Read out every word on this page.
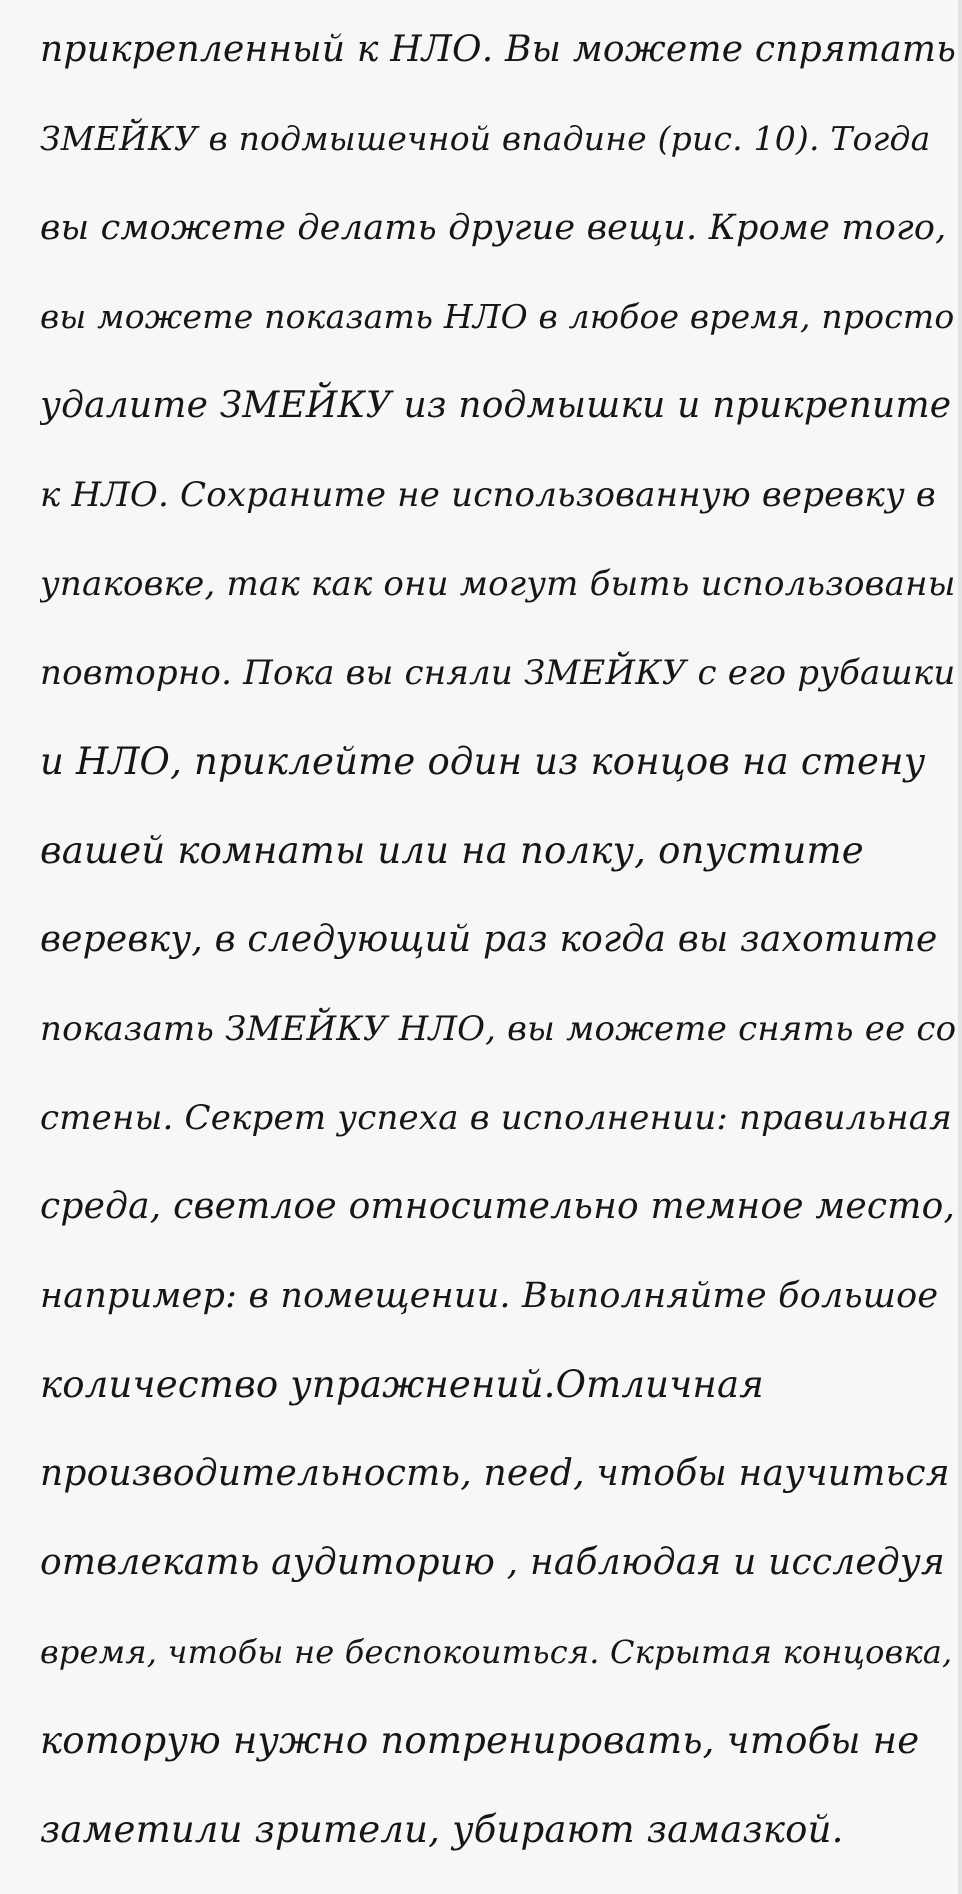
прикрепленный к НЛО. Вы можете спрятать
ЗМЕЙКУ в подмышечной впадине (рис. 10). Тогда
вы сможете делать другие вещи. Кроме того,
вы можете показать НЛО в любое время, просто
удалите ЗМЕЙКУ из подмышки и прикрепите
к НЛО. Сохраните не использованную веревку в
упаковке, так как они могут быть использованы
повторно. Пока вы сняли ЗМЕЙКУ с его рубашки
и НЛО, приклейте один из концов на стену
вашей комнаты или на полку, опустите
веревку, в следующий раз когда вы захотите
показать ЗМЕЙКУ НЛО, вы можете снять ее со
стены. Секрет успеха в исполнении: правильная
среда, светлое относительно темное место,
например: в помещении. Выполняйте большое
количество упражнений.Отличная
производительность, need, чтобы научиться
отвлекать аудиторию , наблюдая и исследуя
время, чтобы не беспокоиться. Скрытая концовка,
которую нужно потренировать, чтобы не
заметили зрители, убирают замазкой.
